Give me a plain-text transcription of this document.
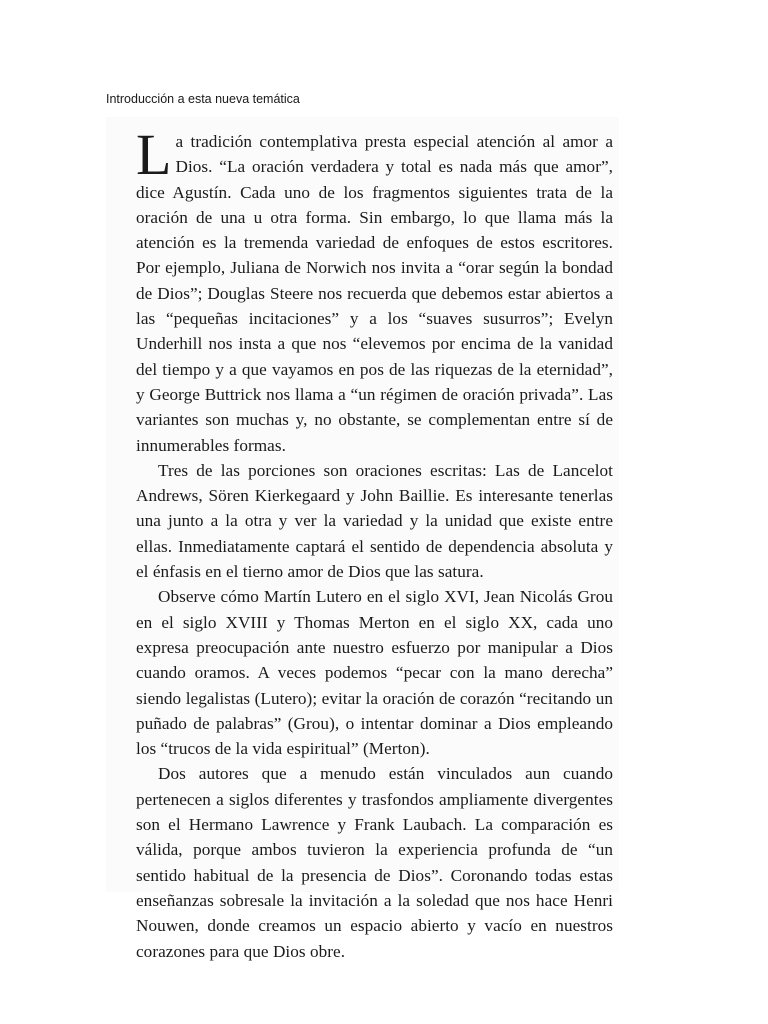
Introducción a esta nueva temática

La tradición contemplativa presta especial atención al amor a Dios. “La oración verdadera y total es nada más que amor”, dice Agustín. Cada uno de los fragmentos siguientes trata de la oración de una u otra forma. Sin embargo, lo que llama más la atención es la tremenda variedad de enfoques de estos escritores. Por ejemplo, Juliana de Norwich nos invita a “orar según la bondad de Dios”; Douglas Steere nos recuerda que debemos estar abiertos a las “pequeñas incitaciones” y a los “suaves susurros”; Evelyn Underhill nos insta a que nos “elevemos por encima de la vanidad del tiempo y a que vayamos en pos de las riquezas de la eternidad”, y George Buttrick nos llama a “un régimen de oración privada”. Las variantes son muchas y, no obstante, se complementan entre sí de innumerables formas.

Tres de las porciones son oraciones escritas: Las de Lancelot Andrews, Sören Kierkegaard y John Baillie. Es interesante tenerlas una junto a la otra y ver la variedad y la unidad que existe entre ellas. Inmediatamente captará el sentido de dependencia absoluta y el énfasis en el tierno amor de Dios que las satura.

Observe cómo Martín Lutero en el siglo XVI, Jean Nicolás Grou en el siglo XVIII y Thomas Merton en el siglo XX, cada uno expresa preocupación ante nuestro esfuerzo por manipular a Dios cuando oramos. A veces podemos “pecar con la mano derecha” siendo legalistas (Lutero); evitar la oración de corazón “recitando un puñado de palabras” (Grou), o intentar dominar a Dios empleando los “trucos de la vida espiritual” (Merton).

Dos autores que a menudo están vinculados aun cuando pertenecen a siglos diferentes y trasfondos ampliamente divergentes son el Hermano Lawrence y Frank Laubach. La comparación es válida, porque ambos tuvieron la experiencia profunda de “un sentido habitual de la presencia de Dios”. Coronando todas estas enseñanzas sobresale la invitación a la soledad que nos hace Henri Nouwen, donde creamos un espacio abierto y vacío en nuestros corazones para que Dios obre.
